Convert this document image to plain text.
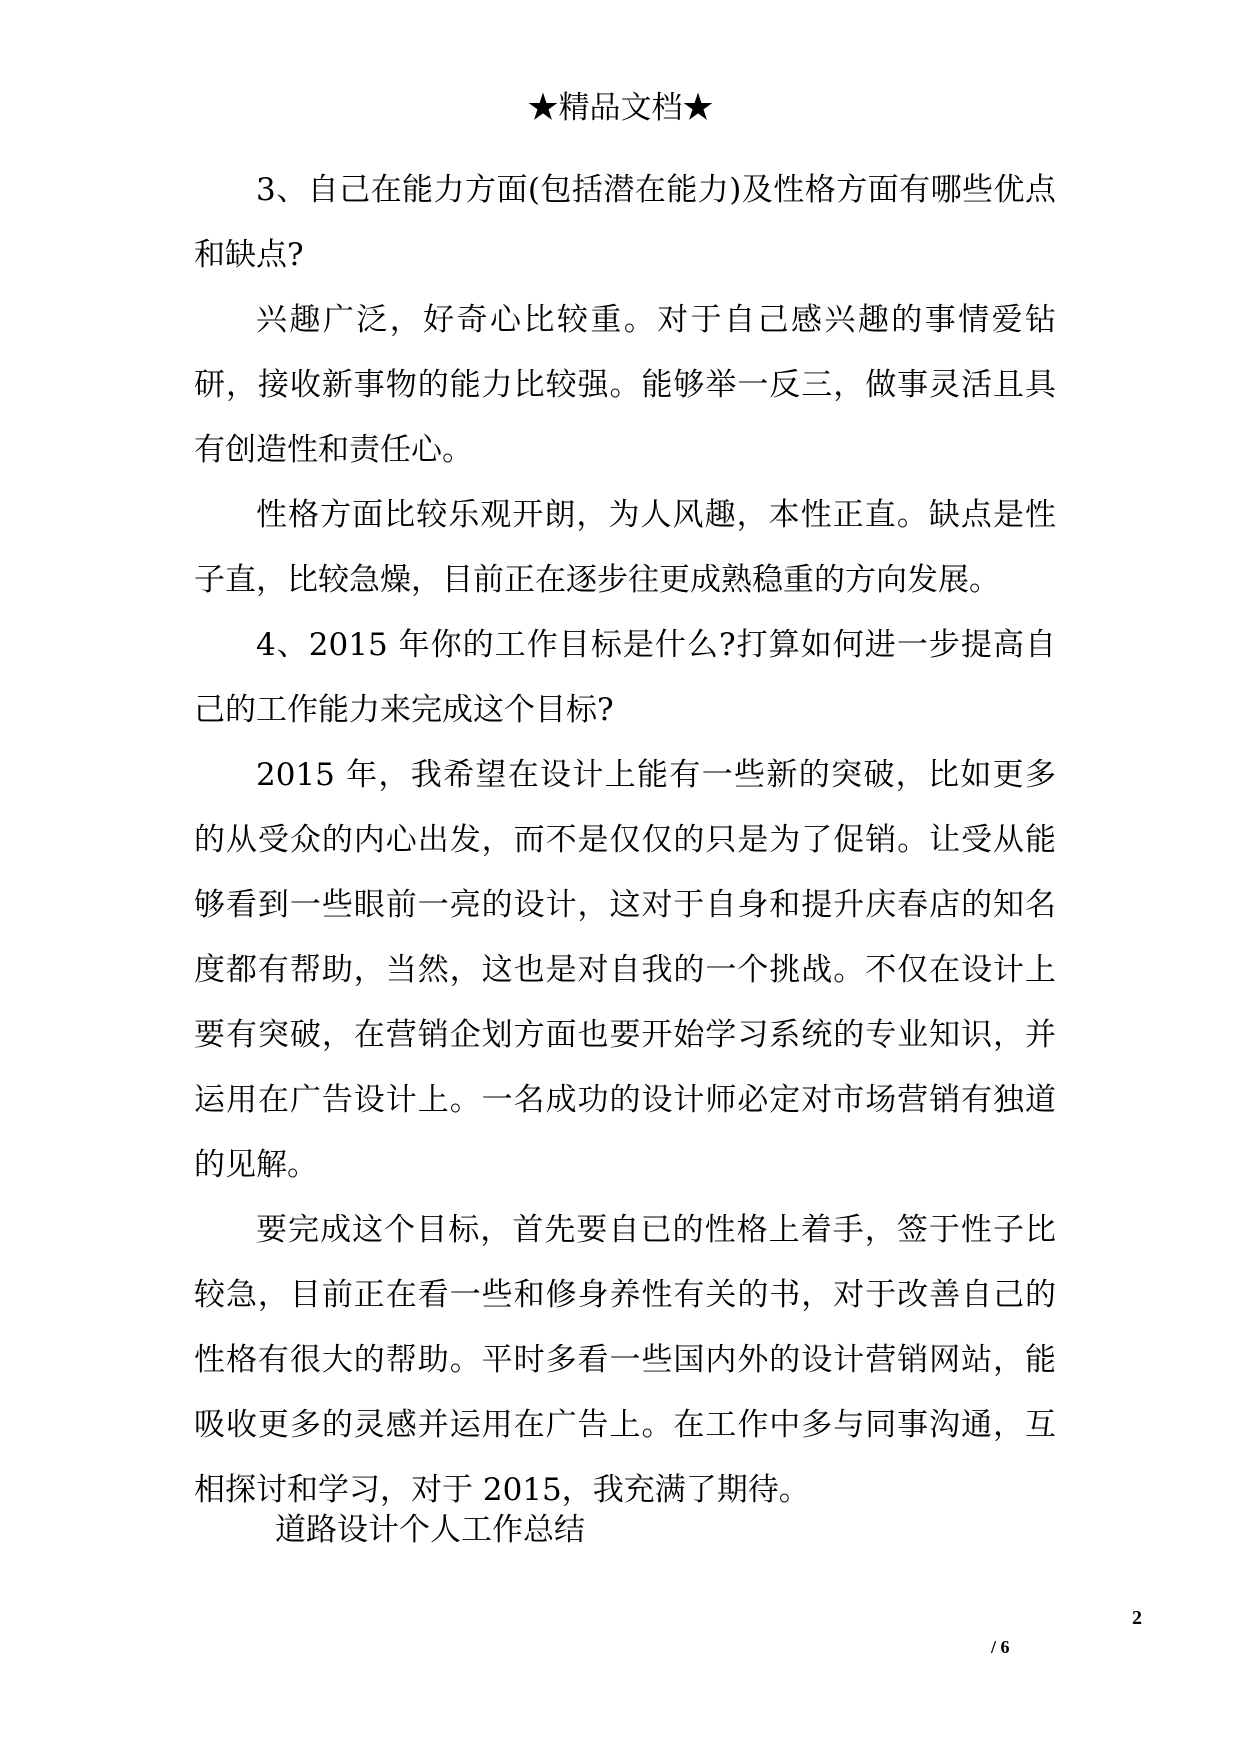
★精品文档★

3、自己在能力方面(包括潜在能力)及性格方面有哪些优点和缺点?

兴趣广泛，好奇心比较重。对于自己感兴趣的事情爱钻研，接收新事物的能力比较强。能够举一反三，做事灵活且具有创造性和责任心。

性格方面比较乐观开朗，为人风趣，本性正直。缺点是性子直，比较急燥，目前正在逐步往更成熟稳重的方向发展。

4、2015 年你的工作目标是什么?打算如何进一步提高自己的工作能力来完成这个目标?

2015 年，我希望在设计上能有一些新的突破，比如更多的从受众的内心出发，而不是仅仅的只是为了促销。让受从能够看到一些眼前一亮的设计，这对于自身和提升庆春店的知名度都有帮助，当然，这也是对自我的一个挑战。不仅在设计上要有突破，在营销企划方面也要开始学习系统的专业知识，并运用在广告设计上。一名成功的设计师必定对市场营销有独道的见解。

要完成这个目标，首先要自已的性格上着手，签于性子比较急，目前正在看一些和修身养性有关的书，对于改善自己的性格有很大的帮助。平时多看一些国内外的设计营销网站，能吸收更多的灵感并运用在广告上。在工作中多与同事沟通，互相探讨和学习，对于 2015，我充满了期待。

道路设计个人工作总结
2
/ 6
